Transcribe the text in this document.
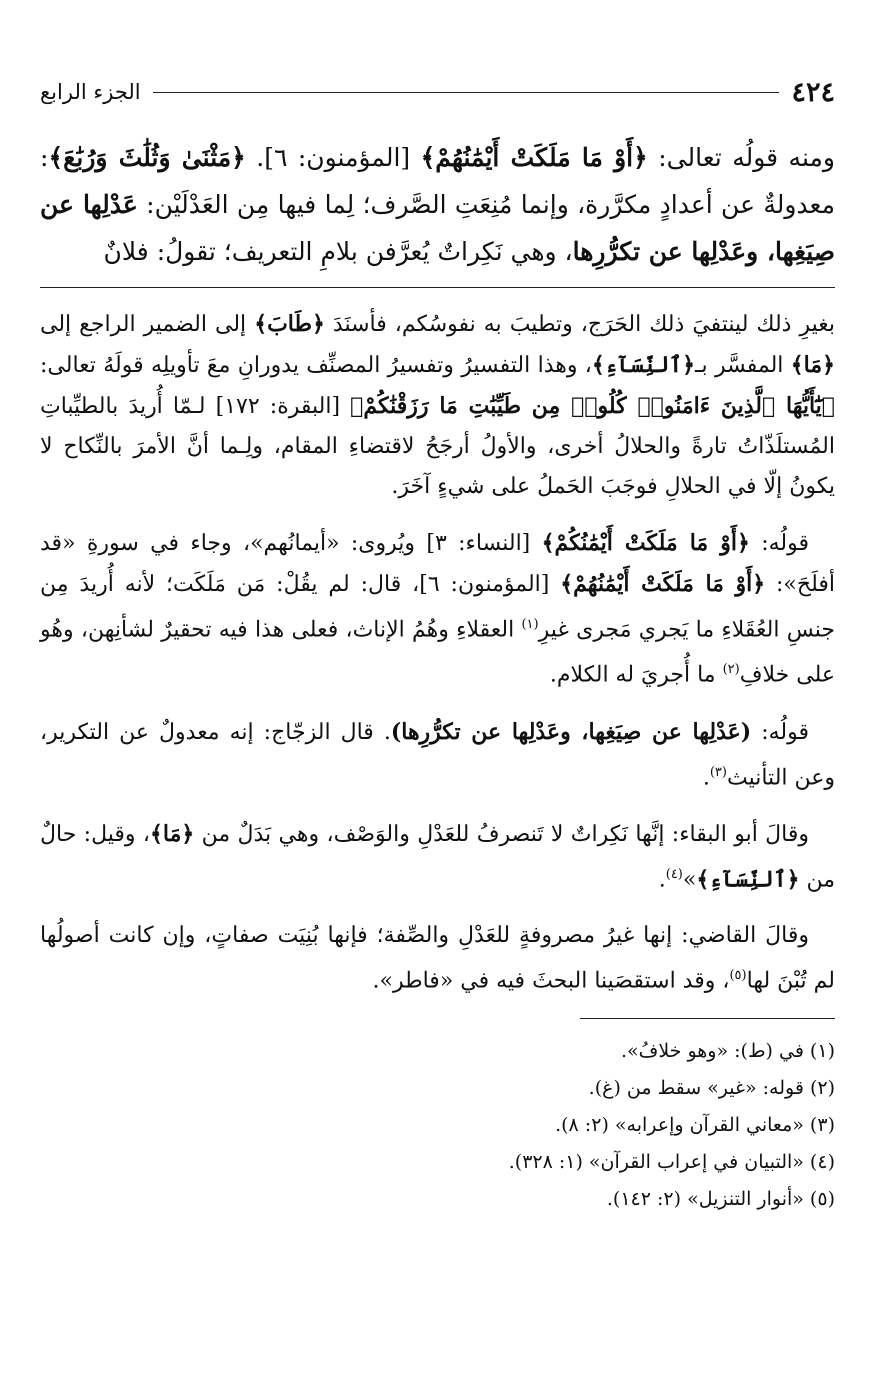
٤٢٤
الجزء الرابع
ومنه قولُه تعالى: ﴿أَوْ مَا مَلَكَتْ أَيْمَٰنُهُمْ﴾ [المؤمنون: ٦]. ﴿مَثْنَىٰ وَثُلَٰثَ وَرُبَٰعَ﴾: معدولةٌ عن أعدادٍ مكرَّرة، وإنما مُنِعَتِ الصَّرف؛ لِما فيها مِن العَدْلَيْن: عَدْلِها عن صِيَغِها، وعَدْلِها عن تكرُّرِها، وهي نَكِراتٌ يُعرَّفن بلامِ التعريف؛ تقولُ: فلانٌ

بغيرِ ذلك لينتفيَ ذلك الحَرَج، وتطيبَ به نفوسُكم، فأسنَدَ ﴿طَابَ﴾ إلى الضمير الراجع إلى ﴿مَا﴾ المفسَّر بـ﴿ٱلنِّسَآءِ﴾، وهذا التفسيرُ وتفسيرُ المصنِّف يدورانِ معَ تأويلِه قولَهُ تعالى: ﴿يَٰٓأَيُّهَا ٱلَّذِينَ ءَامَنُوا۟ كُلُوا۟ مِن طَيِّبَٰتِ مَا رَزَقْنَٰكُمْ﴾ [البقرة: ١٧٢] لـمّا أُريدَ بالطيِّباتِ المُستلَذّاتُ تارةً والحلالُ أخرى، والأولُ أرجَحُ لاقتضاءِ المقام، ولِـما أنَّ الأمرَ بالنِّكاح لا يكونُ إلّا في الحلالِ فوجَبَ الحَملُ على شيءٍ آخَرَ.

قولُه: ﴿أَوْ مَا مَلَكَتْ أَيْمَٰنُكُمْ﴾ [النساء: ٣] ويُروى: «أيمانُهم»، وجاء في سورةِ «قد أفلَحَ»: ﴿أَوْ مَا مَلَكَتْ أَيْمَٰنُهُمْ﴾ [المؤمنون: ٦]، قال: لم يقُلْ: مَن مَلَكَت؛ لأنه أُريدَ مِن جنسِ العُقَلاءِ ما يَجري مَجرى غيرِ$^{(١)}$ العقلاءِ وهُمُ الإناث، فعلى هذا فيه تحقيرٌ لشأنِهن، وهُو على خلافِ$^{(٢)}$ ما أُجريَ له الكلام.

قولُه: (عَدْلِها عن صِيَغِها، وعَدْلِها عن تكرُّرِها). قال الزجّاج: إنه معدولٌ عن التكرير، وعن التأنيث$^{(٣)}$.

وقالَ أبو البقاء: إنَّها نَكِراتٌ لا تَنصرفُ للعَدْلِ والوَصْف، وهي بَدَلٌ من ﴿مَا﴾، وقيل: حالٌ من ﴿ٱلنِّسَآءِ﴾»$^{(٤)}$.

وقالَ القاضي: إنها غيرُ مصروفةٍ للعَدْلِ والصِّفة؛ فإنها بُنِيَت صفاتٍ، وإن كانت أصولُها لم تُبْنَ لها$^{(٥)}$، وقد استقصَينا البحثَ فيه في «فاطر».

(١) في (ط): «وهو خلافُ».
(٢) قوله: «غير» سقط من (غ).
(٣) «معاني القرآن وإعرابه» (٢: ٨).
(٤) «التبيان في إعراب القرآن» (١: ٣٢٨).
(٥) «أنوار التنزيل» (٢: ١٤٢).
